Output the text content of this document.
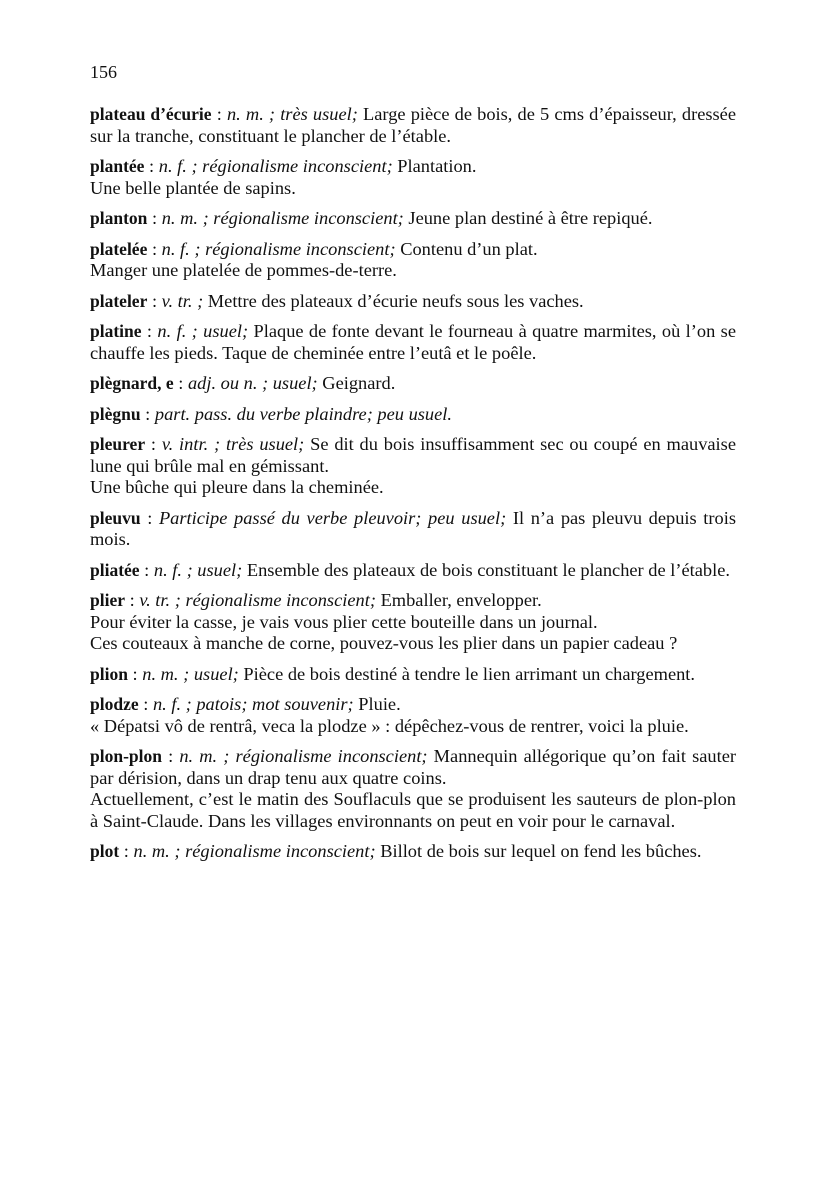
156

plateau d’écurie : n. m. ; très usuel; Large pièce de bois, de 5 cms d’épaisseur, dressée sur la tranche, constituant le plancher de l’étable.

plantée : n. f. ; régionalisme inconscient; Plantation.

Une belle plantée de sapins.

planton : n. m. ; régionalisme inconscient; Jeune plan destiné à être repiqué.

platelée : n. f. ; régionalisme inconscient; Contenu d’un plat.

Manger une platelée de pommes-de-terre.

plateler : v. tr. ; Mettre des plateaux d’écurie neufs sous les vaches.

platine : n. f. ; usuel; Plaque de fonte devant le fourneau à quatre marmites, où l’on se chauffe les pieds. Taque de cheminée entre l’eutâ et le poêle.

plègnard, e : adj. ou n. ; usuel; Geignard.

plègnu : part. pass. du verbe plaindre; peu usuel.

pleurer : v. intr. ; très usuel; Se dit du bois insuffisamment sec ou coupé en mauvaise lune qui brûle mal en gémissant.

Une bûche qui pleure dans la cheminée.

pleuvu : Participe passé du verbe pleuvoir; peu usuel; Il n’a pas pleuvu depuis trois mois.

pliatée : n. f. ; usuel; Ensemble des plateaux de bois constituant le plancher de l’étable.

plier : v. tr. ; régionalisme inconscient; Emballer, envelopper.

Pour éviter la casse, je vais vous plier cette bouteille dans un journal.

Ces couteaux à manche de corne, pouvez-vous les plier dans un papier cadeau ?

plion : n. m. ; usuel; Pièce de bois destiné à tendre le lien arrimant un chargement.

plodze : n. f. ; patois; mot souvenir; Pluie.

« Dépatsi vô de rentrâ, veca la plodze » : dépêchez-vous de rentrer, voici la pluie.

plon-plon : n. m. ; régionalisme inconscient; Mannequin allégorique qu’on fait sauter par dérision, dans un drap tenu aux quatre coins.

Actuellement, c’est le matin des Souflaculs que se produisent les sauteurs de plon-plon à Saint-Claude. Dans les villages environnants on peut en voir pour le carnaval.

plot : n. m. ; régionalisme inconscient; Billot de bois sur lequel on fend les bûches.
